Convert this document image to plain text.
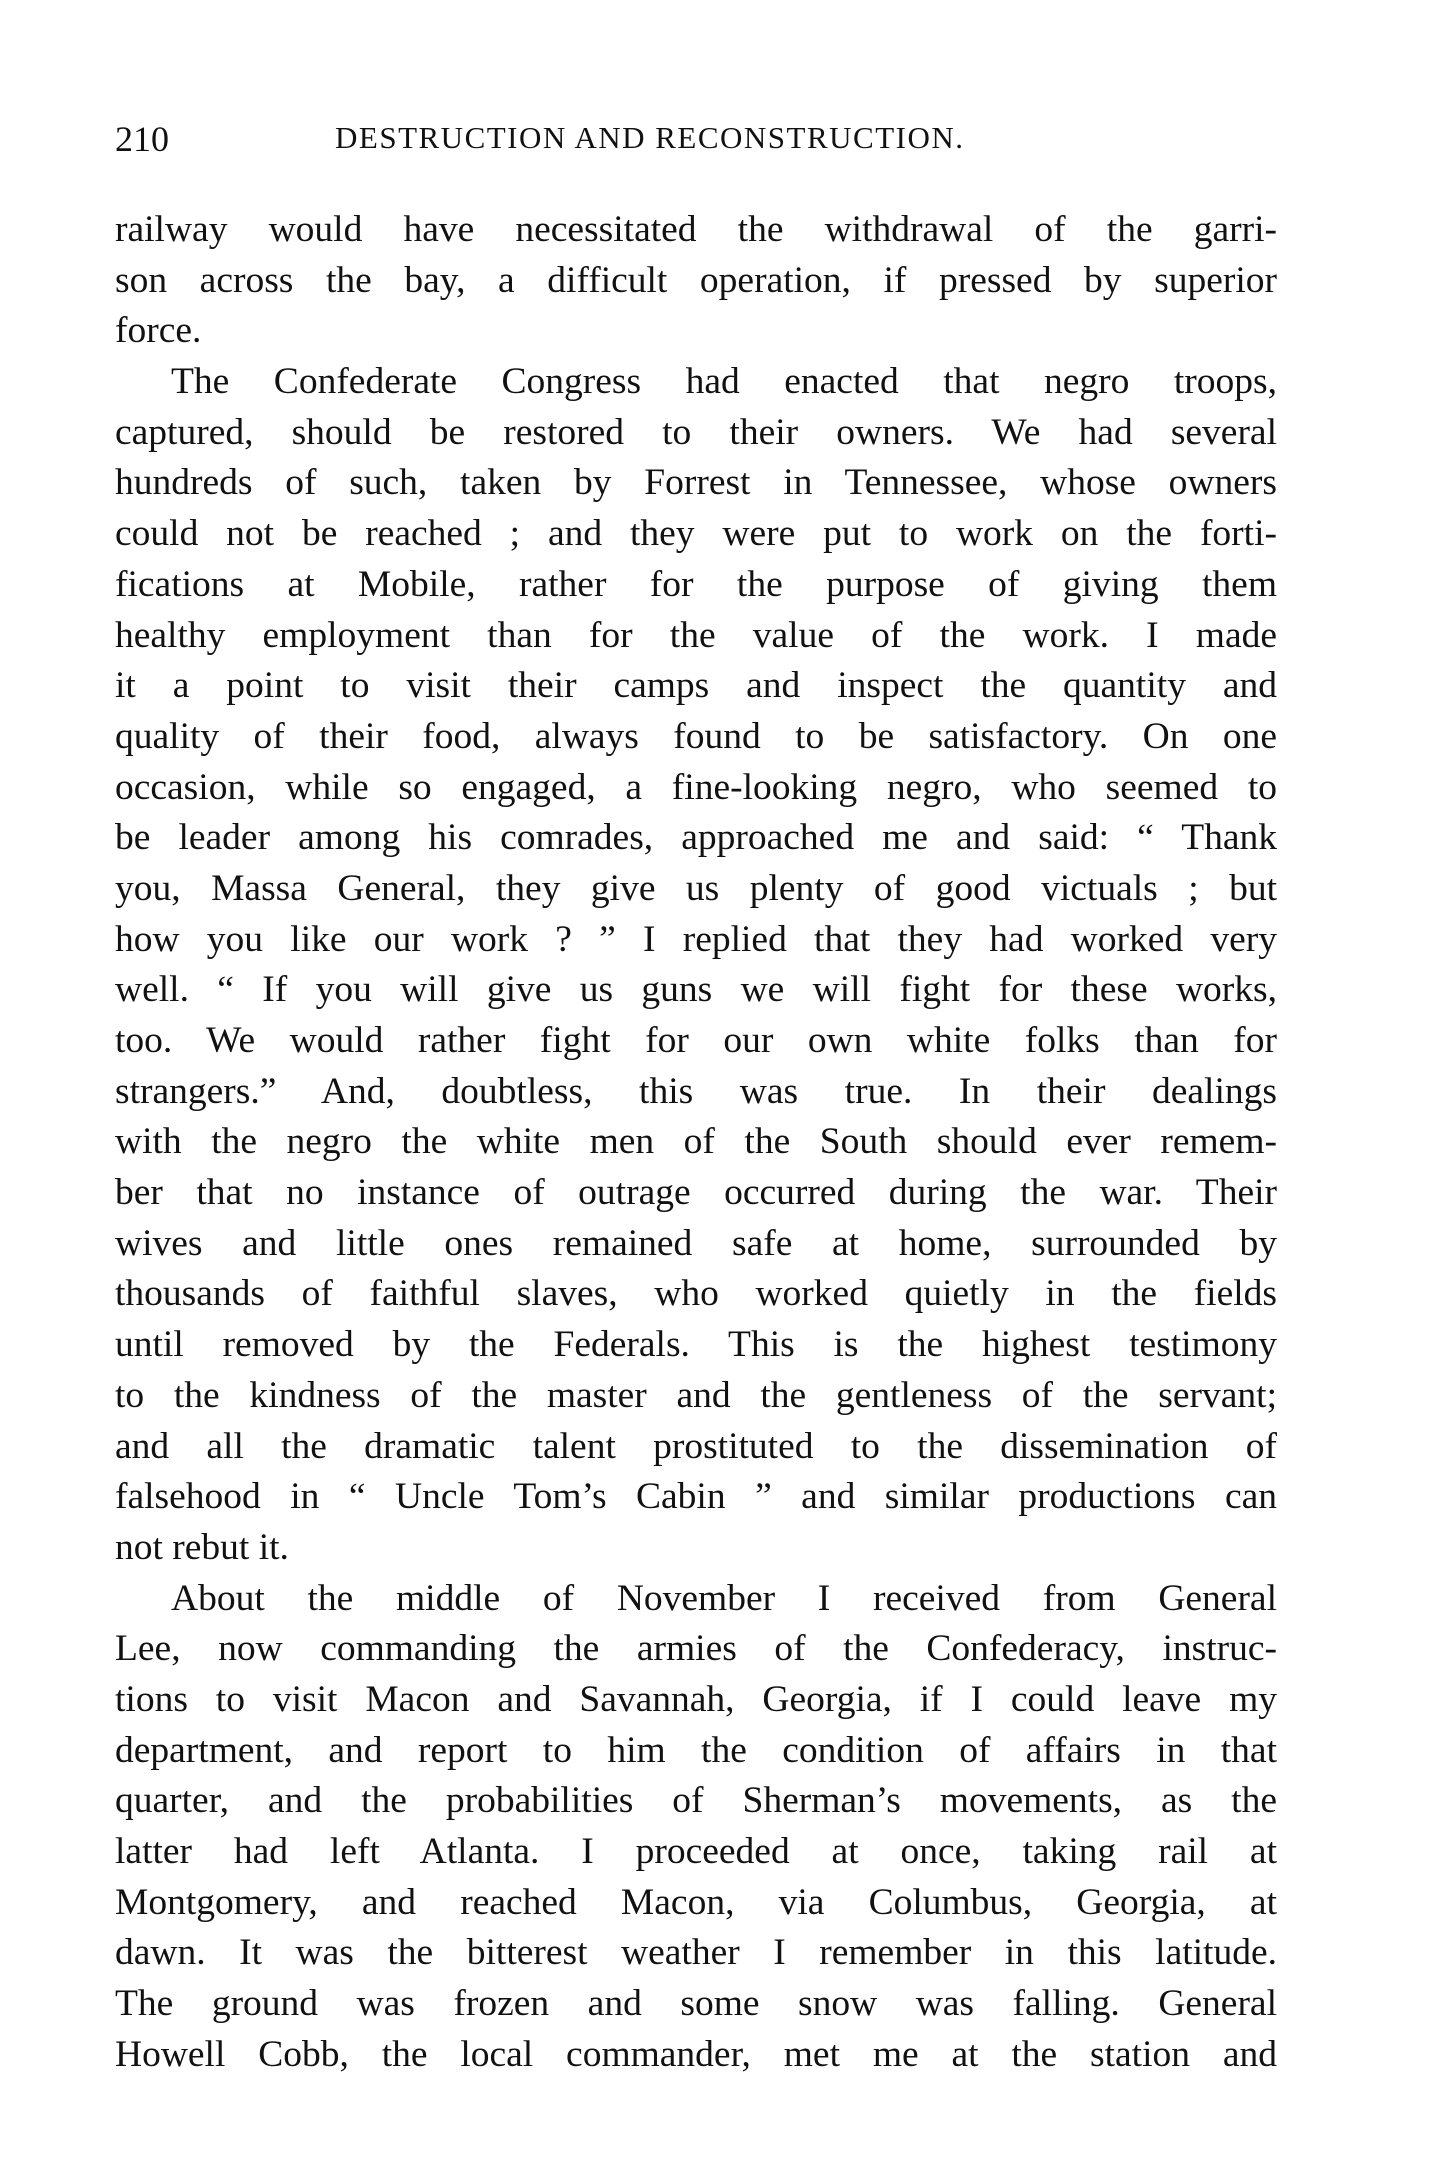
210	DESTRUCTION AND RECONSTRUCTION.
railway would have necessitated the withdrawal of the garri-
son across the bay, a difficult operation, if pressed by superior
force.
The Confederate Congress had enacted that negro troops,
captured, should be restored to their owners. We had several
hundreds of such, taken by Forrest in Tennessee, whose owners
could not be reached ; and they were put to work on the forti-
fications at Mobile, rather for the purpose of giving them
healthy employment than for the value of the work. I made
it a point to visit their camps and inspect the quantity and
quality of their food, always found to be satisfactory. On one
occasion, while so engaged, a fine-looking negro, who seemed to
be leader among his comrades, approached me and said: “ Thank
you, Massa General, they give us plenty of good victuals ; but
how you like our work ? ” I replied that they had worked very
well. “ If you will give us guns we will fight for these works,
too. We would rather fight for our own white folks than for
strangers.” And, doubtless, this was true. In their dealings
with the negro the white men of the South should ever remem-
ber that no instance of outrage occurred during the war. Their
wives and little ones remained safe at home, surrounded by
thousands of faithful slaves, who worked quietly in the fields
until removed by the Federals. This is the highest testimony
to the kindness of the master and the gentleness of the servant;
and all the dramatic talent prostituted to the dissemination of
falsehood in “ Uncle Tom’s Cabin ” and similar productions can
not rebut it.
About the middle of November I received from General
Lee, now commanding the armies of the Confederacy, instruc-
tions to visit Macon and Savannah, Georgia, if I could leave my
department, and report to him the condition of affairs in that
quarter, and the probabilities of Sherman’s movements, as the
latter had left Atlanta. I proceeded at once, taking rail at
Montgomery, and reached Macon, via Columbus, Georgia, at
dawn. It was the bitterest weather I remember in this latitude.
The ground was frozen and some snow was falling. General
Howell Cobb, the local commander, met me at the station and
